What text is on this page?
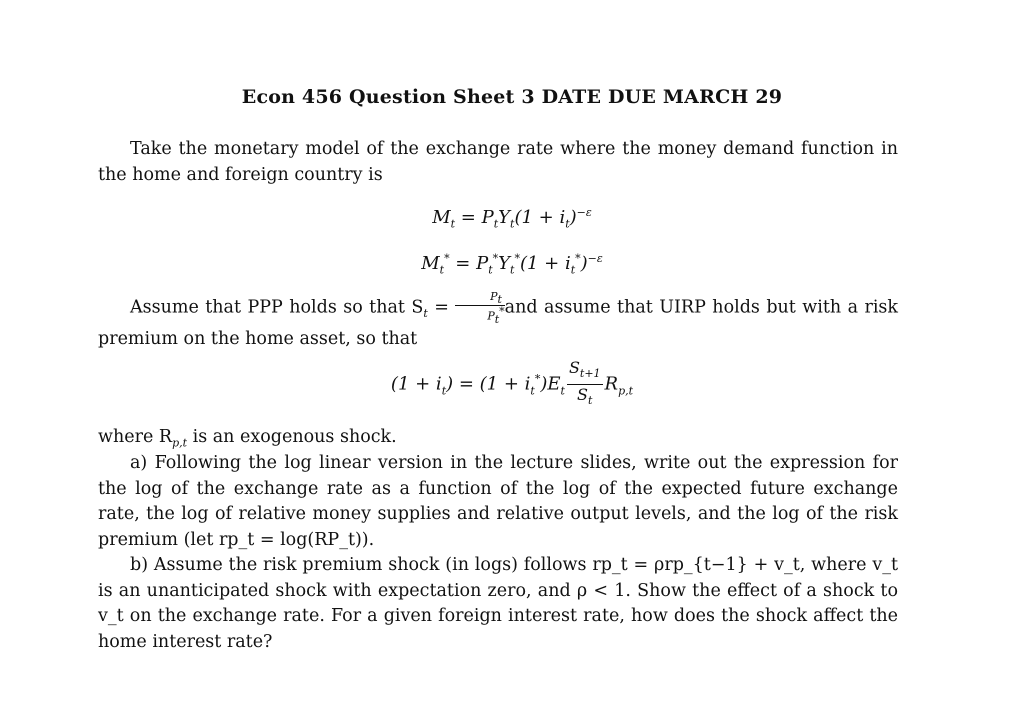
Econ 456 Question Sheet 3 DATE DUE MARCH 29
Take the monetary model of the exchange rate where the money demand function in the home and foreign country is
$M_t = P_tY_t(1 + i_t)^{-\varepsilon}$
$M_t^* = P_t^*Y_t^*(1 + i_t^*)^{-\varepsilon}$
Assume that PPP holds so that $S_t = \frac{P_t}{P_t^*}$ and assume that UIRP holds but with a risk premium on the home asset, so that
$(1 + i_t) = (1 + i_t^*)E_t \frac{S_{t+1}}{S_t} R_{p,t}$
where $R_{p,t}$ is an exogenous shock.
a) Following the log linear version in the lecture slides, write out the expression for the log of the exchange rate as a function of the log of the expected future exchange rate, the log of relative money supplies and relative output levels, and the log of the risk premium (let rp_t = log(RP_t)).
b) Assume the risk premium shock (in logs) follows rp_t = ρrp_{t−1} + v_t, where v_t is an unanticipated shock with expectation zero, and ρ < 1. Show the effect of a shock to v_t on the exchange rate. For a given foreign interest rate, how does the shock affect the home interest rate?
